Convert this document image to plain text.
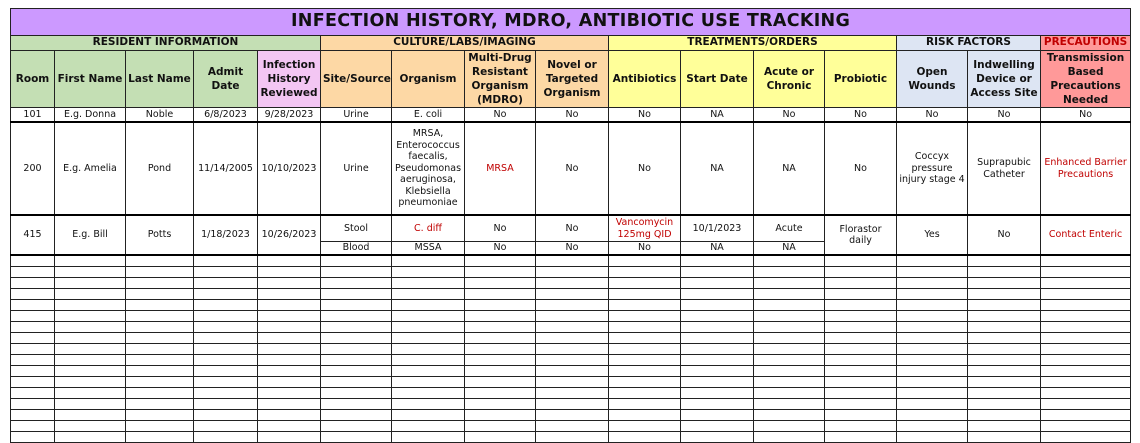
INFECTION HISTORY, MDRO, ANTIBIOTIC USE TRACKING															
RESIDENT INFORMATION					CULTURE/LABS/IMAGING				TREATMENTS/ORDERS				RISK FACTORS		PRECAUTIONS
Room	First Name	Last Name	Admit Date	Infection History Reviewed	Site/Source	Organism	Multi-Drug Resistant Organism (MDRO)	Novel or Targeted Organism	Antibiotics	Start Date	Acute or Chronic	Probiotic	Open Wounds	Indwelling Device or Access Site	Transmission Based Precautions Needed
101	E.g. Donna	Noble	6/8/2023	9/28/2023	Urine	E. coli	No	No	No	NA	No	No	No	No	No
200	E.g. Amelia	Pond	11/14/2005	10/10/2023	Urine	MRSA, Enterococcus faecalis, Pseudomonas aeruginosa, Klebsiella pneumoniae	MRSA	No	No	NA	NA	No	Coccyx pressure injury stage 4	Suprapubic Catheter	Enhanced Barrier Precautions
415	E.g. Bill	Potts	1/18/2023	10/26/2023	Stool	C. diff	No	No	Vancomycin 125mg QID	10/1/2023	Acute	Florastor daily	Yes	No	Contact Enteric
					Blood	MSSA	No	No	No	NA	NA				
